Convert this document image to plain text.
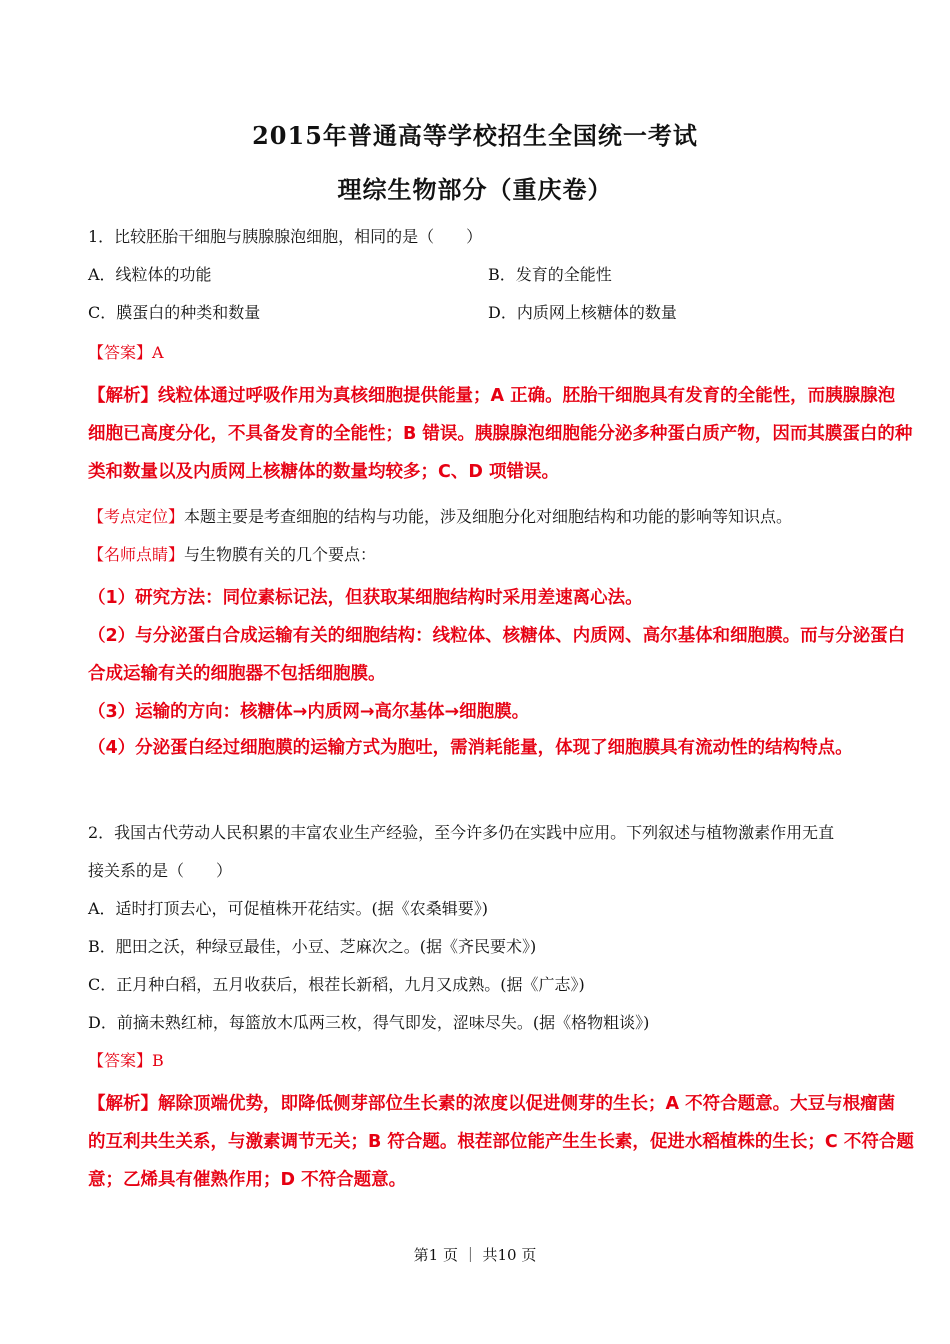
2015年普通高等学校招生全国统一考试
理综生物部分（重庆卷）
1．比较胚胎干细胞与胰腺腺泡细胞，相同的是（　　）
A．线粒体的功能	B．发育的全能性
C．膜蛋白的种类和数量	D．内质网上核糖体的数量
【答案】A
【解析】线粒体通过呼吸作用为真核细胞提供能量；A 正确。胚胎干细胞具有发育的全能性，而胰腺腺泡
细胞已高度分化，不具备发育的全能性；B 错误。胰腺腺泡细胞能分泌多种蛋白质产物，因而其膜蛋白的种
类和数量以及内质网上核糖体的数量均较多；C、D 项错误。
【考点定位】本题主要是考查细胞的结构与功能，涉及细胞分化对细胞结构和功能的影响等知识点。
【名师点睛】与生物膜有关的几个要点：
（1）研究方法：同位素标记法，但获取某细胞结构时采用差速离心法。
（2）与分泌蛋白合成运输有关的细胞结构：线粒体、核糖体、内质网、高尔基体和细胞膜。而与分泌蛋白
合成运输有关的细胞器不包括细胞膜。
（3）运输的方向：核糖体→内质网→高尔基体→细胞膜。
（4）分泌蛋白经过细胞膜的运输方式为胞吐，需消耗能量，体现了细胞膜具有流动性的结构特点。
2．我国古代劳动人民积累的丰富农业生产经验，至今许多仍在实践中应用。下列叙述与植物激素作用无直
接关系的是（　　）
A．适时打顶去心，可促植株开花结实。(据《农桑辑要》)
B．肥田之沃，种绿豆最佳，小豆、芝麻次之。(据《齐民要术》)
C．正月种白稻，五月收获后，根茬长新稻，九月又成熟。(据《广志》)
D．前摘未熟红柿，每篮放木瓜两三枚，得气即发，涩味尽失。(据《格物粗谈》)
【答案】B
【解析】解除顶端优势，即降低侧芽部位生长素的浓度以促进侧芽的生长；A 不符合题意。大豆与根瘤菌
的互利共生关系，与激素调节无关；B 符合题。根茬部位能产生生长素，促进水稻植株的生长；C 不符合题
意；乙烯具有催熟作用；D 不符合题意。
第1 页 ｜ 共10 页
